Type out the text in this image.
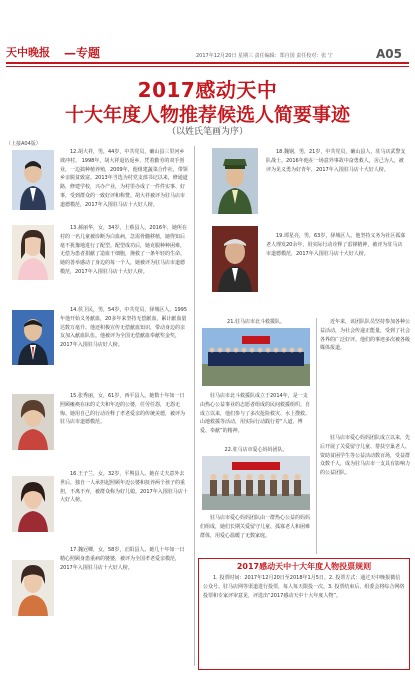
天中晚报 —专题	2017年12月20日 星期三 责任编辑：郑自国 责任校对：张 宁	A05
2017感动天中
十大年度人物推荐候选人简要事迹
（以姓氏笔画为序）
（上接A04版）

12.胡大祥，男，44岁，中共党员，确山县三里河乡坡冲村。 1998年，胡大祥退伍返乡，凭着勤劳的双手创业，一边搞种植养殖，2009年，他组建蔬菜合作社，带领乡亲脱贫致富。2013年当选为村党支部书记以来，修通道路，修建学校，兴办产业，为村里办成了一件件实事、好事，受到群众的一致好评和称赞。胡大祥被评为驻马店市道德模范，2017年入围驻马店十大好人榜。

13.郝丽华，女，34岁，上蔡县人。2016年，她所在村的一名儿童被诊断为白血病，急需骨髓移植，她得知后毫不犹豫地进行了配型。配型成功后，她克服种种困难，无偿为患者捐献了造血干细胞，挽救了一条年轻的生命。她的善举感动了身边的每一个人，她被评为驻马店市道德模范，2017年入围驻马店十大好人榜。

14.侯卫民，男，54岁，中共党员，驿城区人。1995年他开始义务献血，20多年来坚持无偿献血，累计献血量达数万毫升。他还积极宣传无偿献血知识，带动身边的亲友加入献血队伍。他被评为全国无偿献血奉献奖金奖，2017年入围驻马店好人榜。

15.张秀丽，女，61岁，西平县人。她数十年如一日照顾瘫痪在床的丈夫和年迈的公婆，任劳任怨，无怨无悔。她用自己的行动诠释了孝老爱亲的传统美德，被评为驻马店市道德模范。

16.王子兰，女，32岁，平舆县人。她在丈夫意外去世后，独自一人承担起照顾年迈公婆和抚养两个孩子的重担，不离不弃，被群众称为好儿媳。2017年入围驻马店十大好人榜。

17.魏冠卿，女，58岁，正阳县人。她几十年如一日精心照顾身患重病的婆婆，被评为全国孝老爱亲模范，2017年入围驻马店十大好人榜。

18.魏钢，男，21岁，中共党员，确山县人，驻马店武警支队战士。2016年他在一场意外事故中奋勇救人，舍己为人，被评为见义勇为好青年，2017年入围驻马店十大好人榜。

19.谭星亮，男，63岁，驿城区人。他坚持义务为社区孤寡老人理发20余年，用实际行动诠释了雷锋精神，被评为驻马店市道德模范，2017年入围驻马店十大好人榜。

21.驻马店市北斗救援队。

驻马店市北斗救援队成立于2014年，是一支由热心公益事业的志愿者组成的民间救援组织。自成立以来，他们参与了多次抢险救灾、水上搜救、山地救援等活动，用实际行动践行着“人道、博爱、奉献”的精神。

22.驻马店市爱心妈妈团队。

驻马店市爱心妈妈团队由一群热心公益的妈妈们组成，她们长期关爱留守儿童、孤寡老人和困难群体，用爱心温暖了无数家庭。

近年来，该团队队员坚持参加各种公益活动，为社会传递正能量，受到了社会各界的广泛好评。他们的事迹多次被各级媒体报道。

驻马店市爱心妈妈团队成立以来，先后开展了关爱留守儿童、帮扶空巢老人、资助贫困学生等公益活动数百场，受益群众数千人，成为驻马店市一支具有影响力的公益团队。

2017感动天中十大年度人物投票规则

1. 投票时间：2017年12月20日至2018年1月5日。2. 投票方式：通过天中晚报微信公众号、驻马店网等渠道进行投票，每人每天限投一次。3. 投票结束后，组委会将综合网络投票和专家评审意见，评选出“2017感动天中十大年度人物”。
